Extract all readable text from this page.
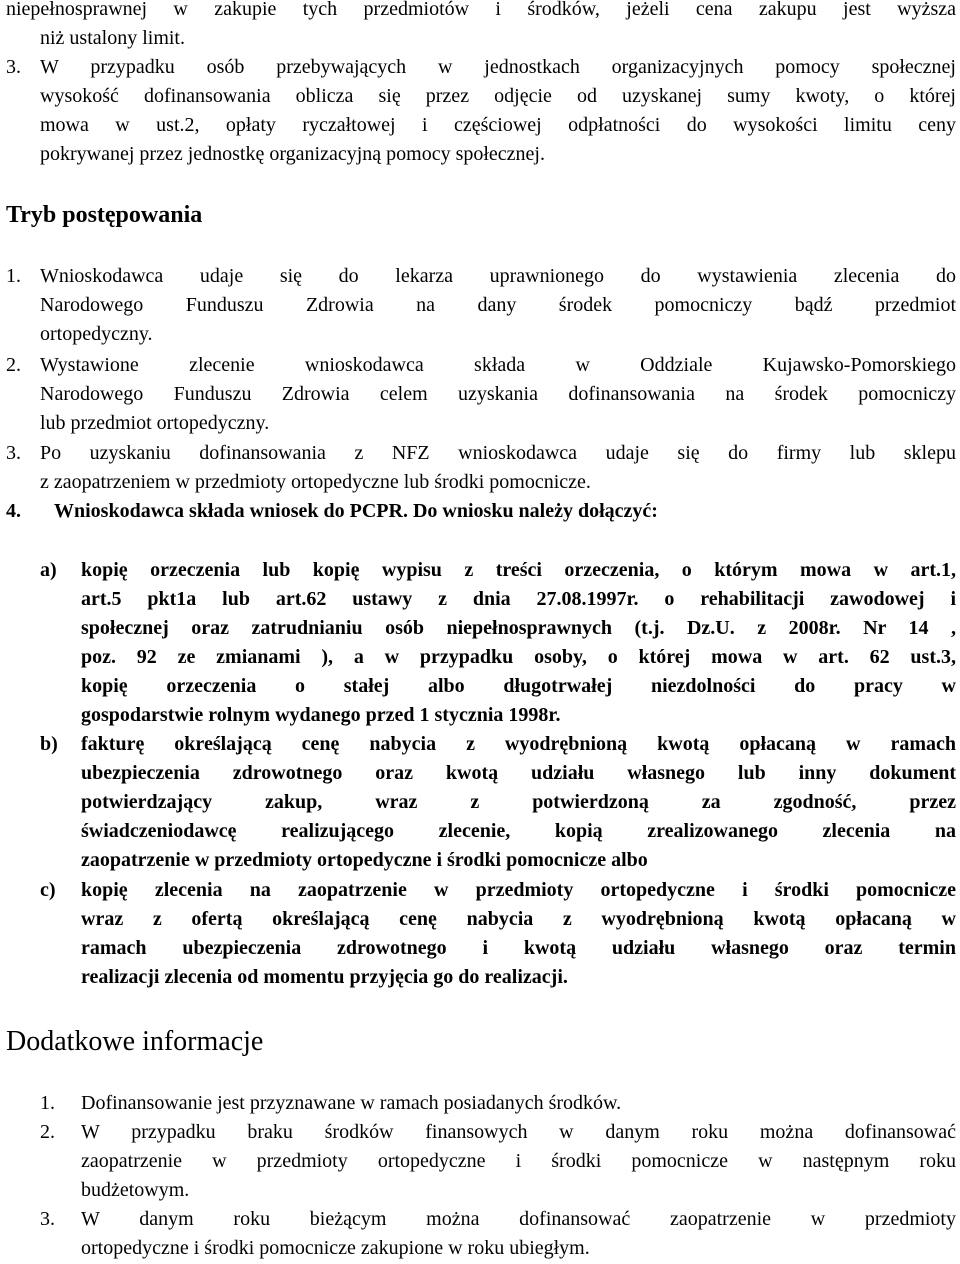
niepełnosprawnej w zakupie tych przedmiotów i środków, jeżeli cena zakupu jest wyższa

niż ustalony limit.

3. W przypadku osób przebywających w jednostkach organizacyjnych pomocy społecznej

wysokość dofinansowania oblicza się przez odjęcie od uzyskanej sumy kwoty, o której

mowa w ust.2, opłaty ryczałtowej i częściowej odpłatności do wysokości limitu ceny

pokrywanej przez jednostkę organizacyjną pomocy społecznej.

Tryb postępowania

1. Wnioskodawca udaje się do lekarza uprawnionego do wystawienia zlecenia do

Narodowego Funduszu Zdrowia na dany środek pomocniczy bądź przedmiot

ortopedyczny.

2. Wystawione zlecenie wnioskodawca składa w Oddziale Kujawsko-Pomorskiego

Narodowego Funduszu Zdrowia celem uzyskania dofinansowania na środek pomocniczy

lub przedmiot ortopedyczny.

3. Po uzyskaniu dofinansowania z NFZ wnioskodawca udaje się do firmy lub sklepu

z zaopatrzeniem w przedmioty ortopedyczne lub środki pomocnicze.

4. Wnioskodawca składa wniosek do PCPR. Do wniosku należy dołączyć:

a) kopię orzeczenia lub kopię wypisu z treści orzeczenia, o którym mowa w art.1,

art.5 pkt1a lub art.62 ustawy z dnia 27.08.1997r. o rehabilitacji zawodowej i

społecznej oraz zatrudnianiu osób niepełnosprawnych (t.j. Dz.U. z 2008r. Nr 14 ,

poz. 92 ze zmianami ), a w przypadku osoby, o której mowa w art. 62 ust.3,

kopię orzeczenia o stałej albo długotrwałej niezdolności do pracy w

gospodarstwie rolnym wydanego przed 1 stycznia 1998r.

b) fakturę określającą cenę nabycia z wyodrębnioną kwotą opłacaną w ramach

ubezpieczenia zdrowotnego oraz kwotą udziału własnego lub inny dokument

potwierdzający zakup, wraz z potwierdzoną za zgodność, przez

świadczeniodawcę realizującego zlecenie, kopią zrealizowanego zlecenia na

zaopatrzenie w przedmioty ortopedyczne i środki pomocnicze albo

c) kopię zlecenia na zaopatrzenie w przedmioty ortopedyczne i środki pomocnicze

wraz z ofertą określającą cenę nabycia z wyodrębnioną kwotą opłacaną w

ramach ubezpieczenia zdrowotnego i kwotą udziału własnego oraz termin

realizacji zlecenia od momentu przyjęcia go do realizacji.

Dodatkowe informacje

1. Dofinansowanie jest przyznawane w ramach posiadanych środków.

2. W przypadku braku środków finansowych w danym roku można dofinansować

zaopatrzenie w przedmioty ortopedyczne i środki pomocnicze w następnym roku

budżetowym.

3. W danym roku bieżącym można dofinansować zaopatrzenie w przedmioty

ortopedyczne i środki pomocnicze zakupione w roku ubiegłym.
